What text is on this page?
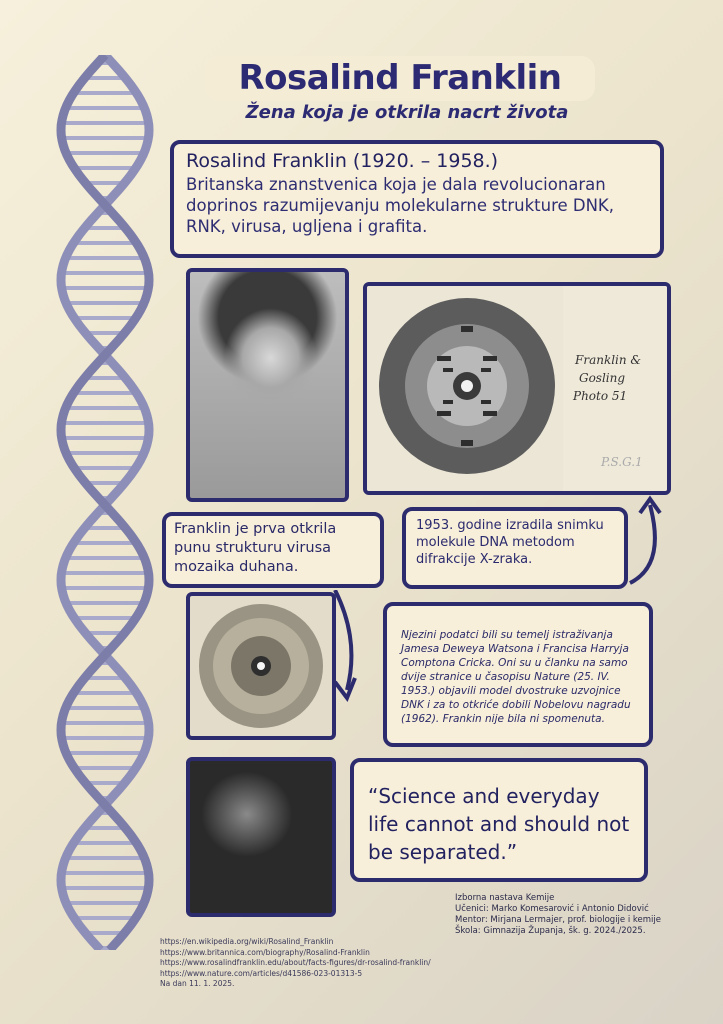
Rosalind Franklin
Žena koja je otkrila nacrt života
Rosalind Franklin (1920. – 1958.)

Britanska znanstvenica koja je dala revolucionaran doprinos razumijevanju molekularne strukture DNK, RNK, virusa, ugljena i grafita.

Franklin &
Gosling
Photo 51
P.S.G.1
Franklin je prva otkrila punu strukturu virusa mozaika duhana.
1953. godine izradila snimku molekule DNA metodom difrakcije X-zraka.
Njezini podatci bili su temelj istraživanja Jamesa Deweya Watsona i Francisa Harryja Comptona Cricka. Oni su u članku na samo dvije stranice u časopisu Nature (25. IV. 1953.) objavili model dvostruke uzvojnice DNK i za to otkriće dobili Nobelovu nagradu (1962). Frankin nije bila ni spomenuta.
“Science and everyday life cannot and should not be separated.”
Izborna nastava Kemije
Učenici: Marko Komesarović i Antonio Didović
Mentor: Mirjana Lermajer, prof. biologije i kemije
Škola: Gimnazija Županja, šk. g. 2024./2025.
https://en.wikipedia.org/wiki/Rosalind_Franklin
https://www.britannica.com/biography/Rosalind-Franklin
https://www.rosalindfranklin.edu/about/facts-figures/dr-rosalind-franklin/
https://www.nature.com/articles/d41586-023-01313-5
Na dan 11. 1. 2025.
